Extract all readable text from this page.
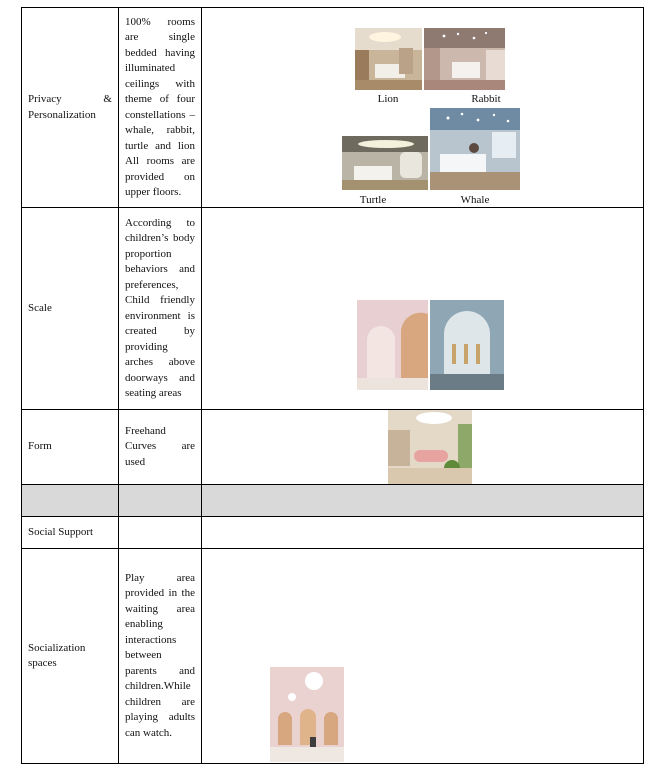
Privacy & Personalization	100% rooms are single bedded having illuminated ceilings with theme of four constellations – whale, rabbit, turtle and lion All rooms are provided on upper floors.	Lion Rabbit
Turtle Whale

Scale	According to children’s body proportion behaviors and preferences, Child friendly environment is created by providing arches above doorways and seating areas

Form	Freehand Curves are used

Social Support		

Socialization spaces	Play area provided in the waiting area enabling interactions between parents and children.While children are playing adults can watch.
